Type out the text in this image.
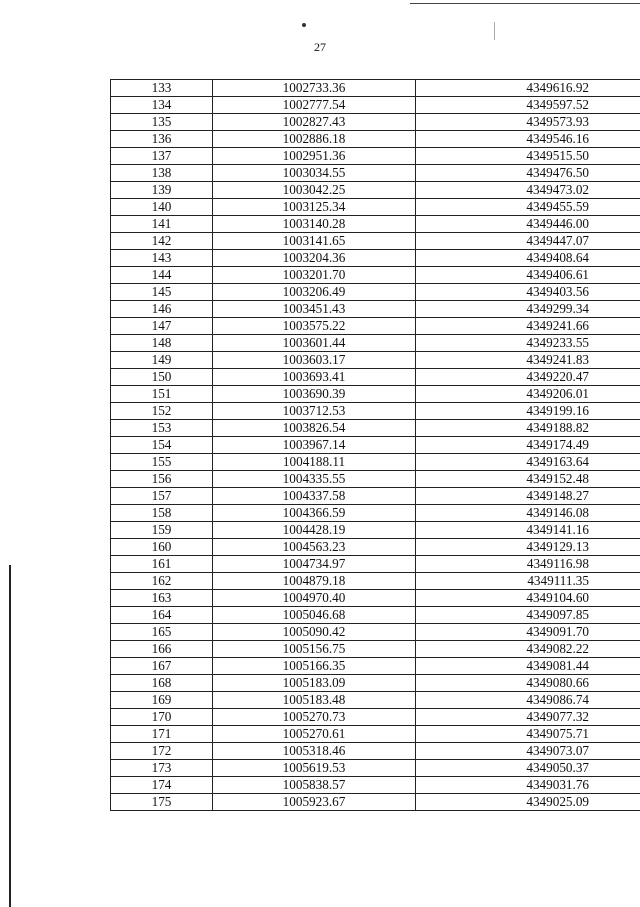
27
133	1002733.36	4349616.92
134	1002777.54	4349597.52
135	1002827.43	4349573.93
136	1002886.18	4349546.16
137	1002951.36	4349515.50
138	1003034.55	4349476.50
139	1003042.25	4349473.02
140	1003125.34	4349455.59
141	1003140.28	4349446.00
142	1003141.65	4349447.07
143	1003204.36	4349408.64
144	1003201.70	4349406.61
145	1003206.49	4349403.56
146	1003451.43	4349299.34
147	1003575.22	4349241.66
148	1003601.44	4349233.55
149	1003603.17	4349241.83
150	1003693.41	4349220.47
151	1003690.39	4349206.01
152	1003712.53	4349199.16
153	1003826.54	4349188.82
154	1003967.14	4349174.49
155	1004188.11	4349163.64
156	1004335.55	4349152.48
157	1004337.58	4349148.27
158	1004366.59	4349146.08
159	1004428.19	4349141.16
160	1004563.23	4349129.13
161	1004734.97	4349116.98
162	1004879.18	4349111.35
163	1004970.40	4349104.60
164	1005046.68	4349097.85
165	1005090.42	4349091.70
166	1005156.75	4349082.22
167	1005166.35	4349081.44
168	1005183.09	4349080.66
169	1005183.48	4349086.74
170	1005270.73	4349077.32
171	1005270.61	4349075.71
172	1005318.46	4349073.07
173	1005619.53	4349050.37
174	1005838.57	4349031.76
175	1005923.67	4349025.09
